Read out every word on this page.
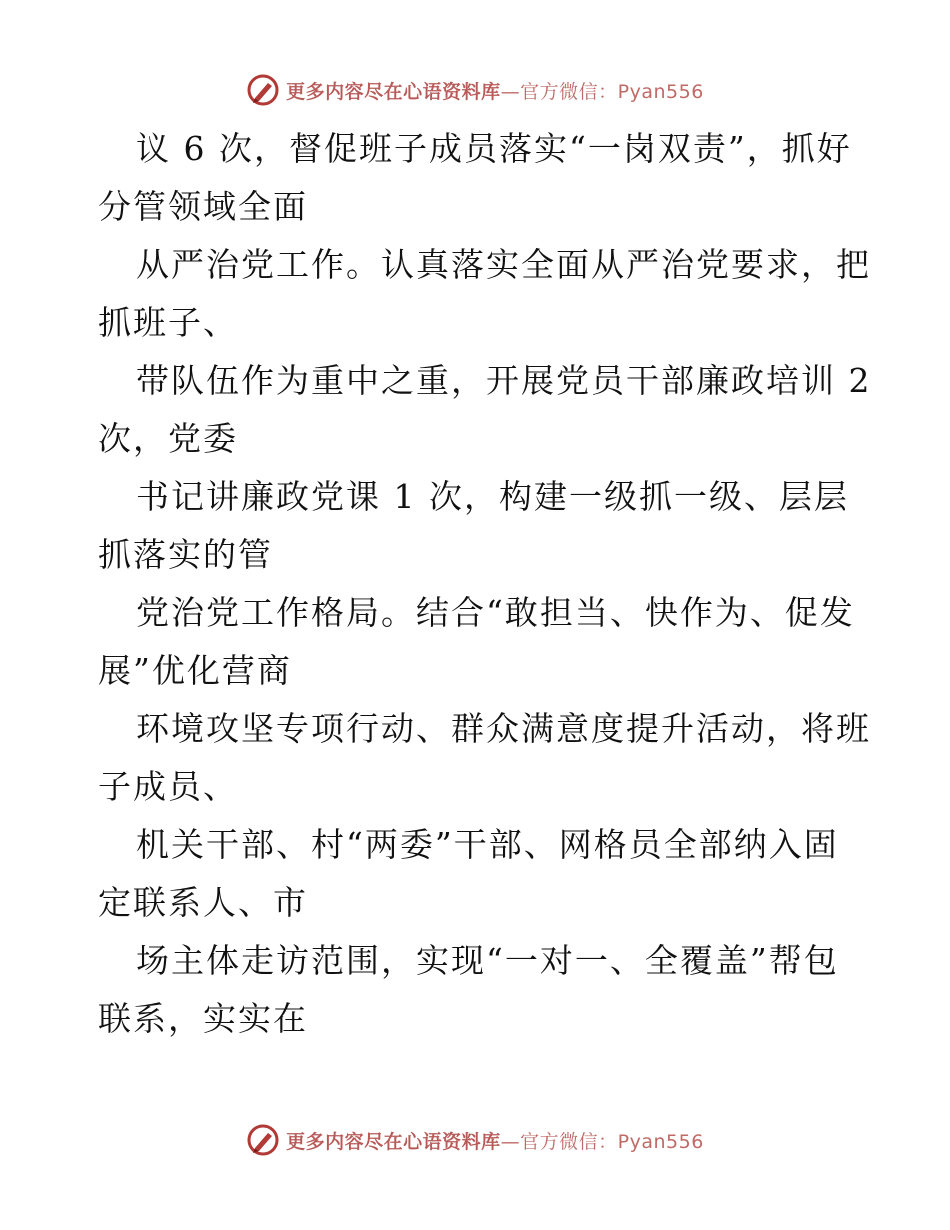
更多内容尽在心语资料库—官方微信：Pyan556

议 6 次，督促班子成员落实“一岗双责”，抓好
分管领域全面

从严治党工作。认真落实全面从严治党要求，把
抓班子、

带队伍作为重中之重，开展党员干部廉政培训 2
次，党委

书记讲廉政党课 1 次，构建一级抓一级、层层
抓落实的管

党治党工作格局。结合“敢担当、快作为、促发
展”优化营商

环境攻坚专项行动、群众满意度提升活动，将班
子成员、

机关干部、村“两委”干部、网格员全部纳入固
定联系人、市

场主体走访范围，实现“一对一、全覆盖”帮包
联系，实实在

更多内容尽在心语资料库—官方微信：Pyan556
